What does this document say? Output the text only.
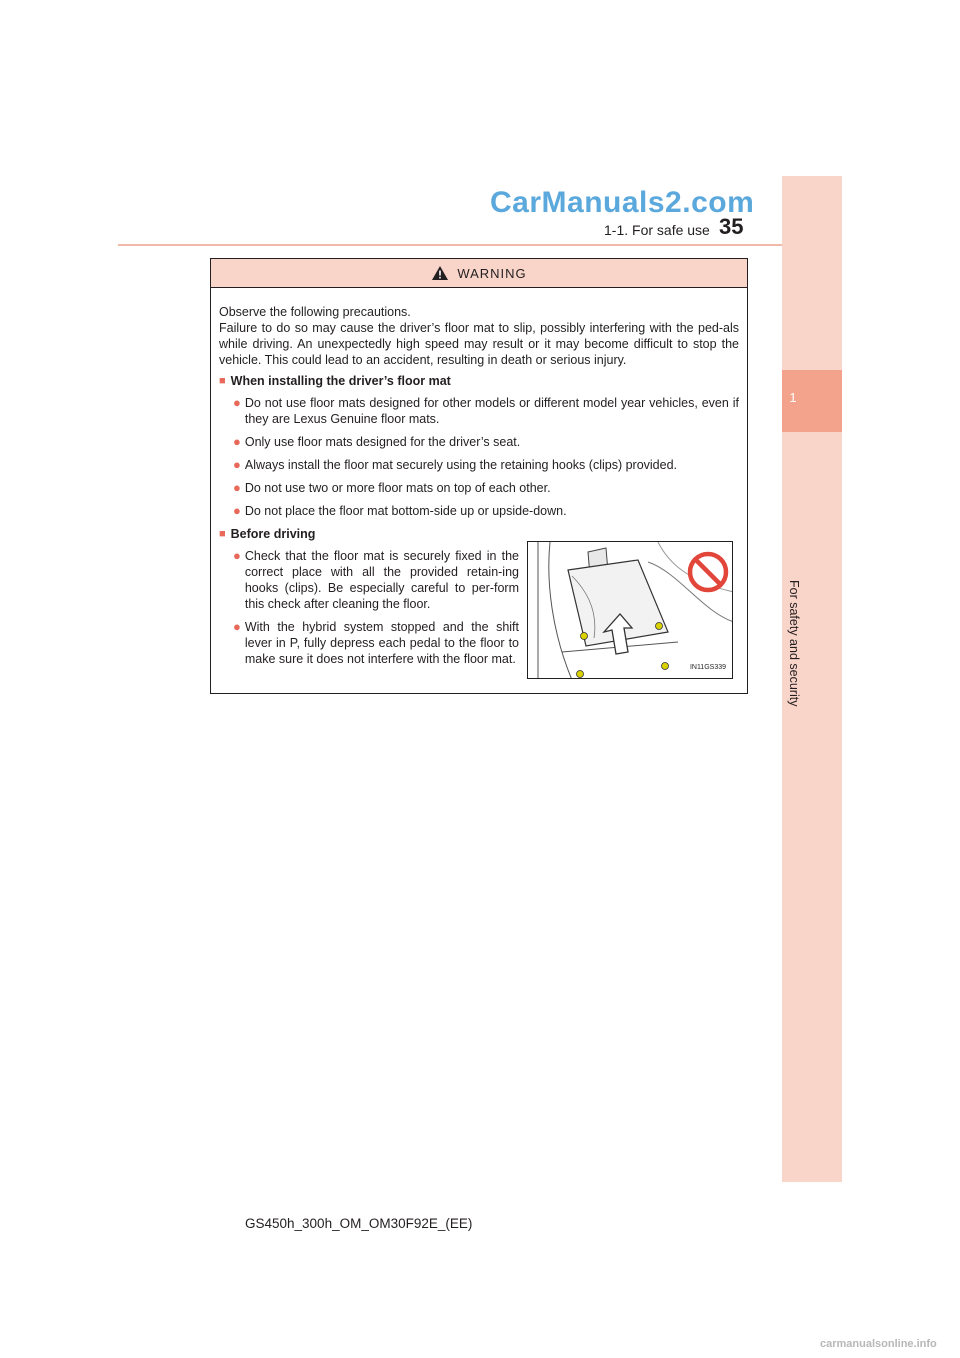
CarManuals2.com
1-1. For safe use 35
1
For safety and security
WARNING

Observe the following precautions.

Failure to do so may cause the driver’s floor mat to slip, possibly interfering with the ped-als while driving. An unexpectedly high speed may result or it may become difficult to stop the vehicle. This could lead to an accident, resulting in death or serious injury.

■ When installing the driver’s floor mat
● Do not use floor mats designed for other models or different model year vehicles, even if they are Lexus Genuine floor mats.
● Only use floor mats designed for the driver’s seat.
● Always install the floor mat securely using the retaining hooks (clips) provided.
● Do not use two or more floor mats on top of each other.
● Do not place the floor mat bottom-side up or upside-down.
■ Before driving
● Check that the floor mat is securely fixed in the correct place with all the provided retain-ing hooks (clips). Be especially careful to per-form this check after cleaning the floor.
● With the hybrid system stopped and the shift lever in P, fully depress each pedal to the floor to make sure it does not interfere with the floor mat.
IN11GS339
GS450h_300h_OM_OM30F92E_(EE)
carmanualsonline.info
